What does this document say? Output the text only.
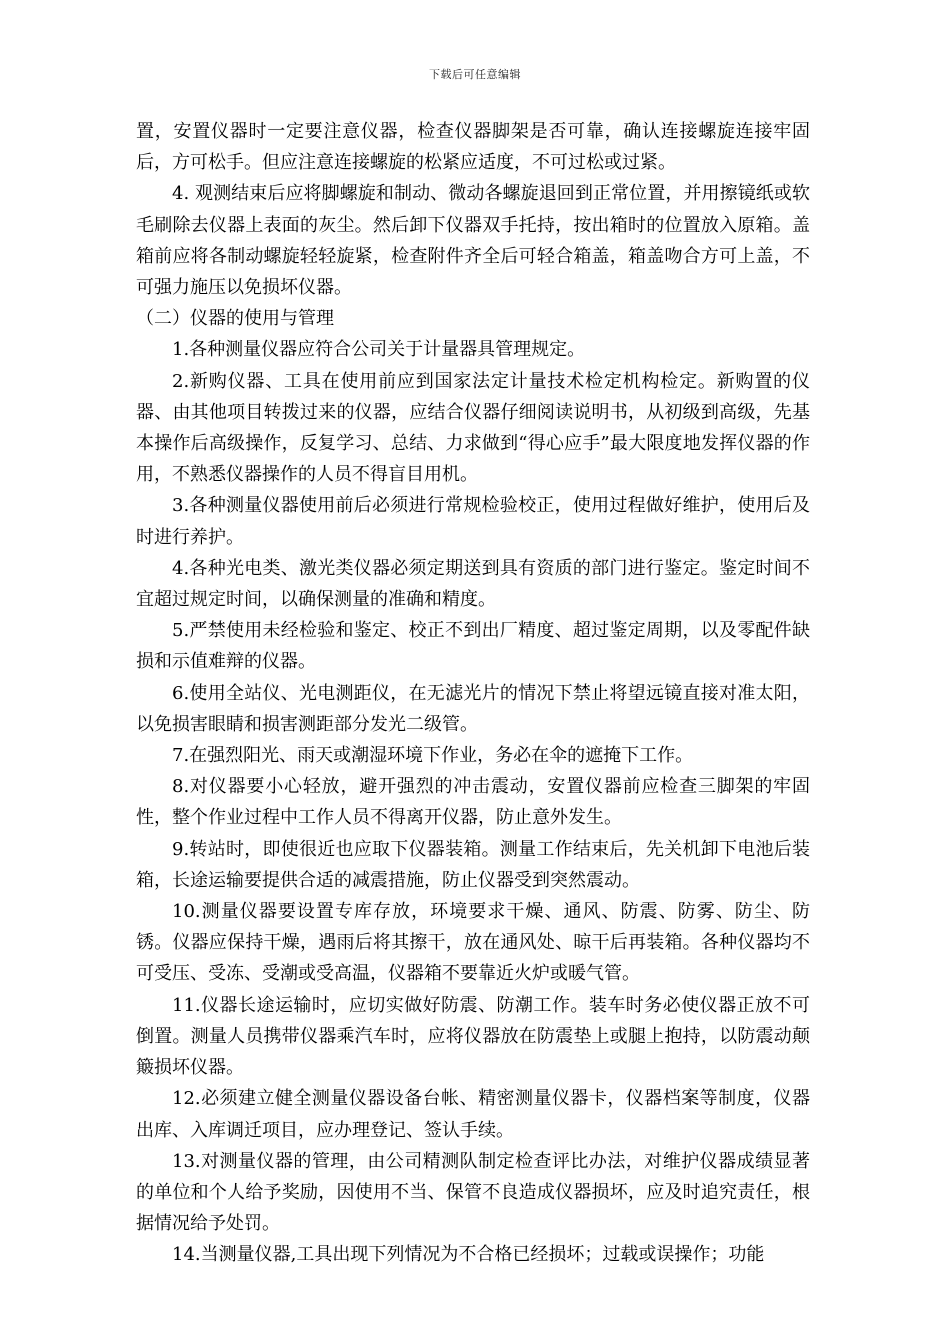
下载后可任意编辑

置，安置仪器时一定要注意仪器，检查仪器脚架是否可靠，确认连接螺旋连接牢固后，方可松手。但应注意连接螺旋的松紧应适度，不可过松或过紧。

4. 观测结束后应将脚螺旋和制动、微动各螺旋退回到正常位置，并用擦镜纸或软毛刷除去仪器上表面的灰尘。然后卸下仪器双手托持，按出箱时的位置放入原箱。盖箱前应将各制动螺旋轻轻旋紧，检查附件齐全后可轻合箱盖，箱盖吻合方可上盖，不可强力施压以免损坏仪器。

（二）仪器的使用与管理

1.各种测量仪器应符合公司关于计量器具管理规定。

2.新购仪器、工具在使用前应到国家法定计量技术检定机构检定。新购置的仪器、由其他项目转拨过来的仪器，应结合仪器仔细阅读说明书，从初级到高级，先基本操作后高级操作，反复学习、总结、力求做到“得心应手”最大限度地发挥仪器的作用，不熟悉仪器操作的人员不得盲目用机。

3.各种测量仪器使用前后必须进行常规检验校正，使用过程做好维护，使用后及时进行养护。

4.各种光电类、激光类仪器必须定期送到具有资质的部门进行鉴定。鉴定时间不宜超过规定时间，以确保测量的准确和精度。

5.严禁使用未经检验和鉴定、校正不到出厂精度、超过鉴定周期，以及零配件缺损和示值难辩的仪器。

6.使用全站仪、光电测距仪，在无滤光片的情况下禁止将望远镜直接对准太阳，以免损害眼睛和损害测距部分发光二级管。

7.在强烈阳光、雨天或潮湿环境下作业，务必在伞的遮掩下工作。

8.对仪器要小心轻放，避开强烈的冲击震动，安置仪器前应检查三脚架的牢固性，整个作业过程中工作人员不得离开仪器，防止意外发生。

9.转站时，即使很近也应取下仪器装箱。测量工作结束后，先关机卸下电池后装箱，长途运输要提供合适的减震措施，防止仪器受到突然震动。

10.测量仪器要设置专库存放，环境要求干燥、通风、防震、防雾、防尘、防锈。仪器应保持干燥，遇雨后将其擦干，放在通风处、晾干后再装箱。各种仪器均不可受压、受冻、受潮或受高温，仪器箱不要靠近火炉或暖气管。

11.仪器长途运输时，应切实做好防震、防潮工作。装车时务必使仪器正放不可倒置。测量人员携带仪器乘汽车时，应将仪器放在防震垫上或腿上抱持，以防震动颠簸损坏仪器。

12.必须建立健全测量仪器设备台帐、精密测量仪器卡，仪器档案等制度，仪器出库、入库调迁项目，应办理登记、签认手续。

13.对测量仪器的管理，由公司精测队制定检查评比办法，对维护仪器成绩显著的单位和个人给予奖励，因使用不当、保管不良造成仪器损坏，应及时追究责任，根据情况给予处罚。

14.当测量仪器,工具出现下列情况为不合格已经损坏；过载或误操作；功能
